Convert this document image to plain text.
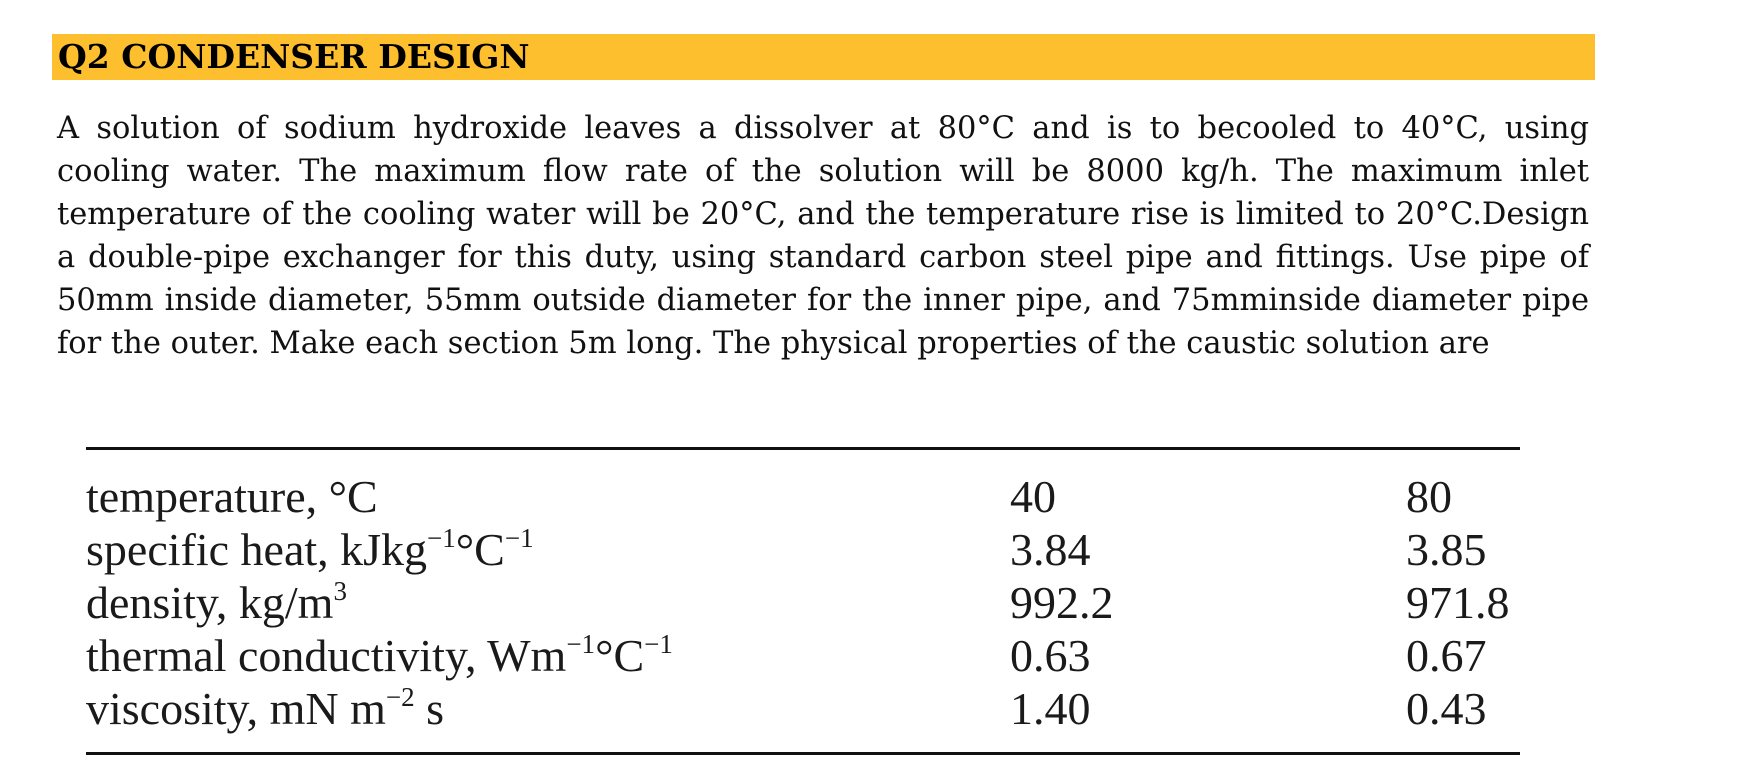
Q2 CONDENSER DESIGN
A solution of sodium hydroxide leaves a dissolver at 80°C and is to becooled to 40°C, using cooling water. The maximum flow rate of the solution will be 8000 kg/h. The maximum inlet temperature of the cooling water will be 20°C, and the temperature rise is limited to 20°C.Design a double-pipe exchanger for this duty, using standard carbon steel pipe and fittings. Use pipe of 50mm inside diameter, 55mm outside diameter for the inner pipe, and 75mminside diameter pipe for the outer. Make each section 5m long. The physical properties of the caustic solution are
temperature, °C	40	80
specific heat, $kJkg^{-1}^\circ C^{-1}$	3.84	3.85
density, $kg/m^3$	992.2	971.8
thermal conductivity, $Wm^{-1}^\circ C^{-1}$	0.63	0.67
viscosity, mN $m^{-2}$ s	1.40	0.43
